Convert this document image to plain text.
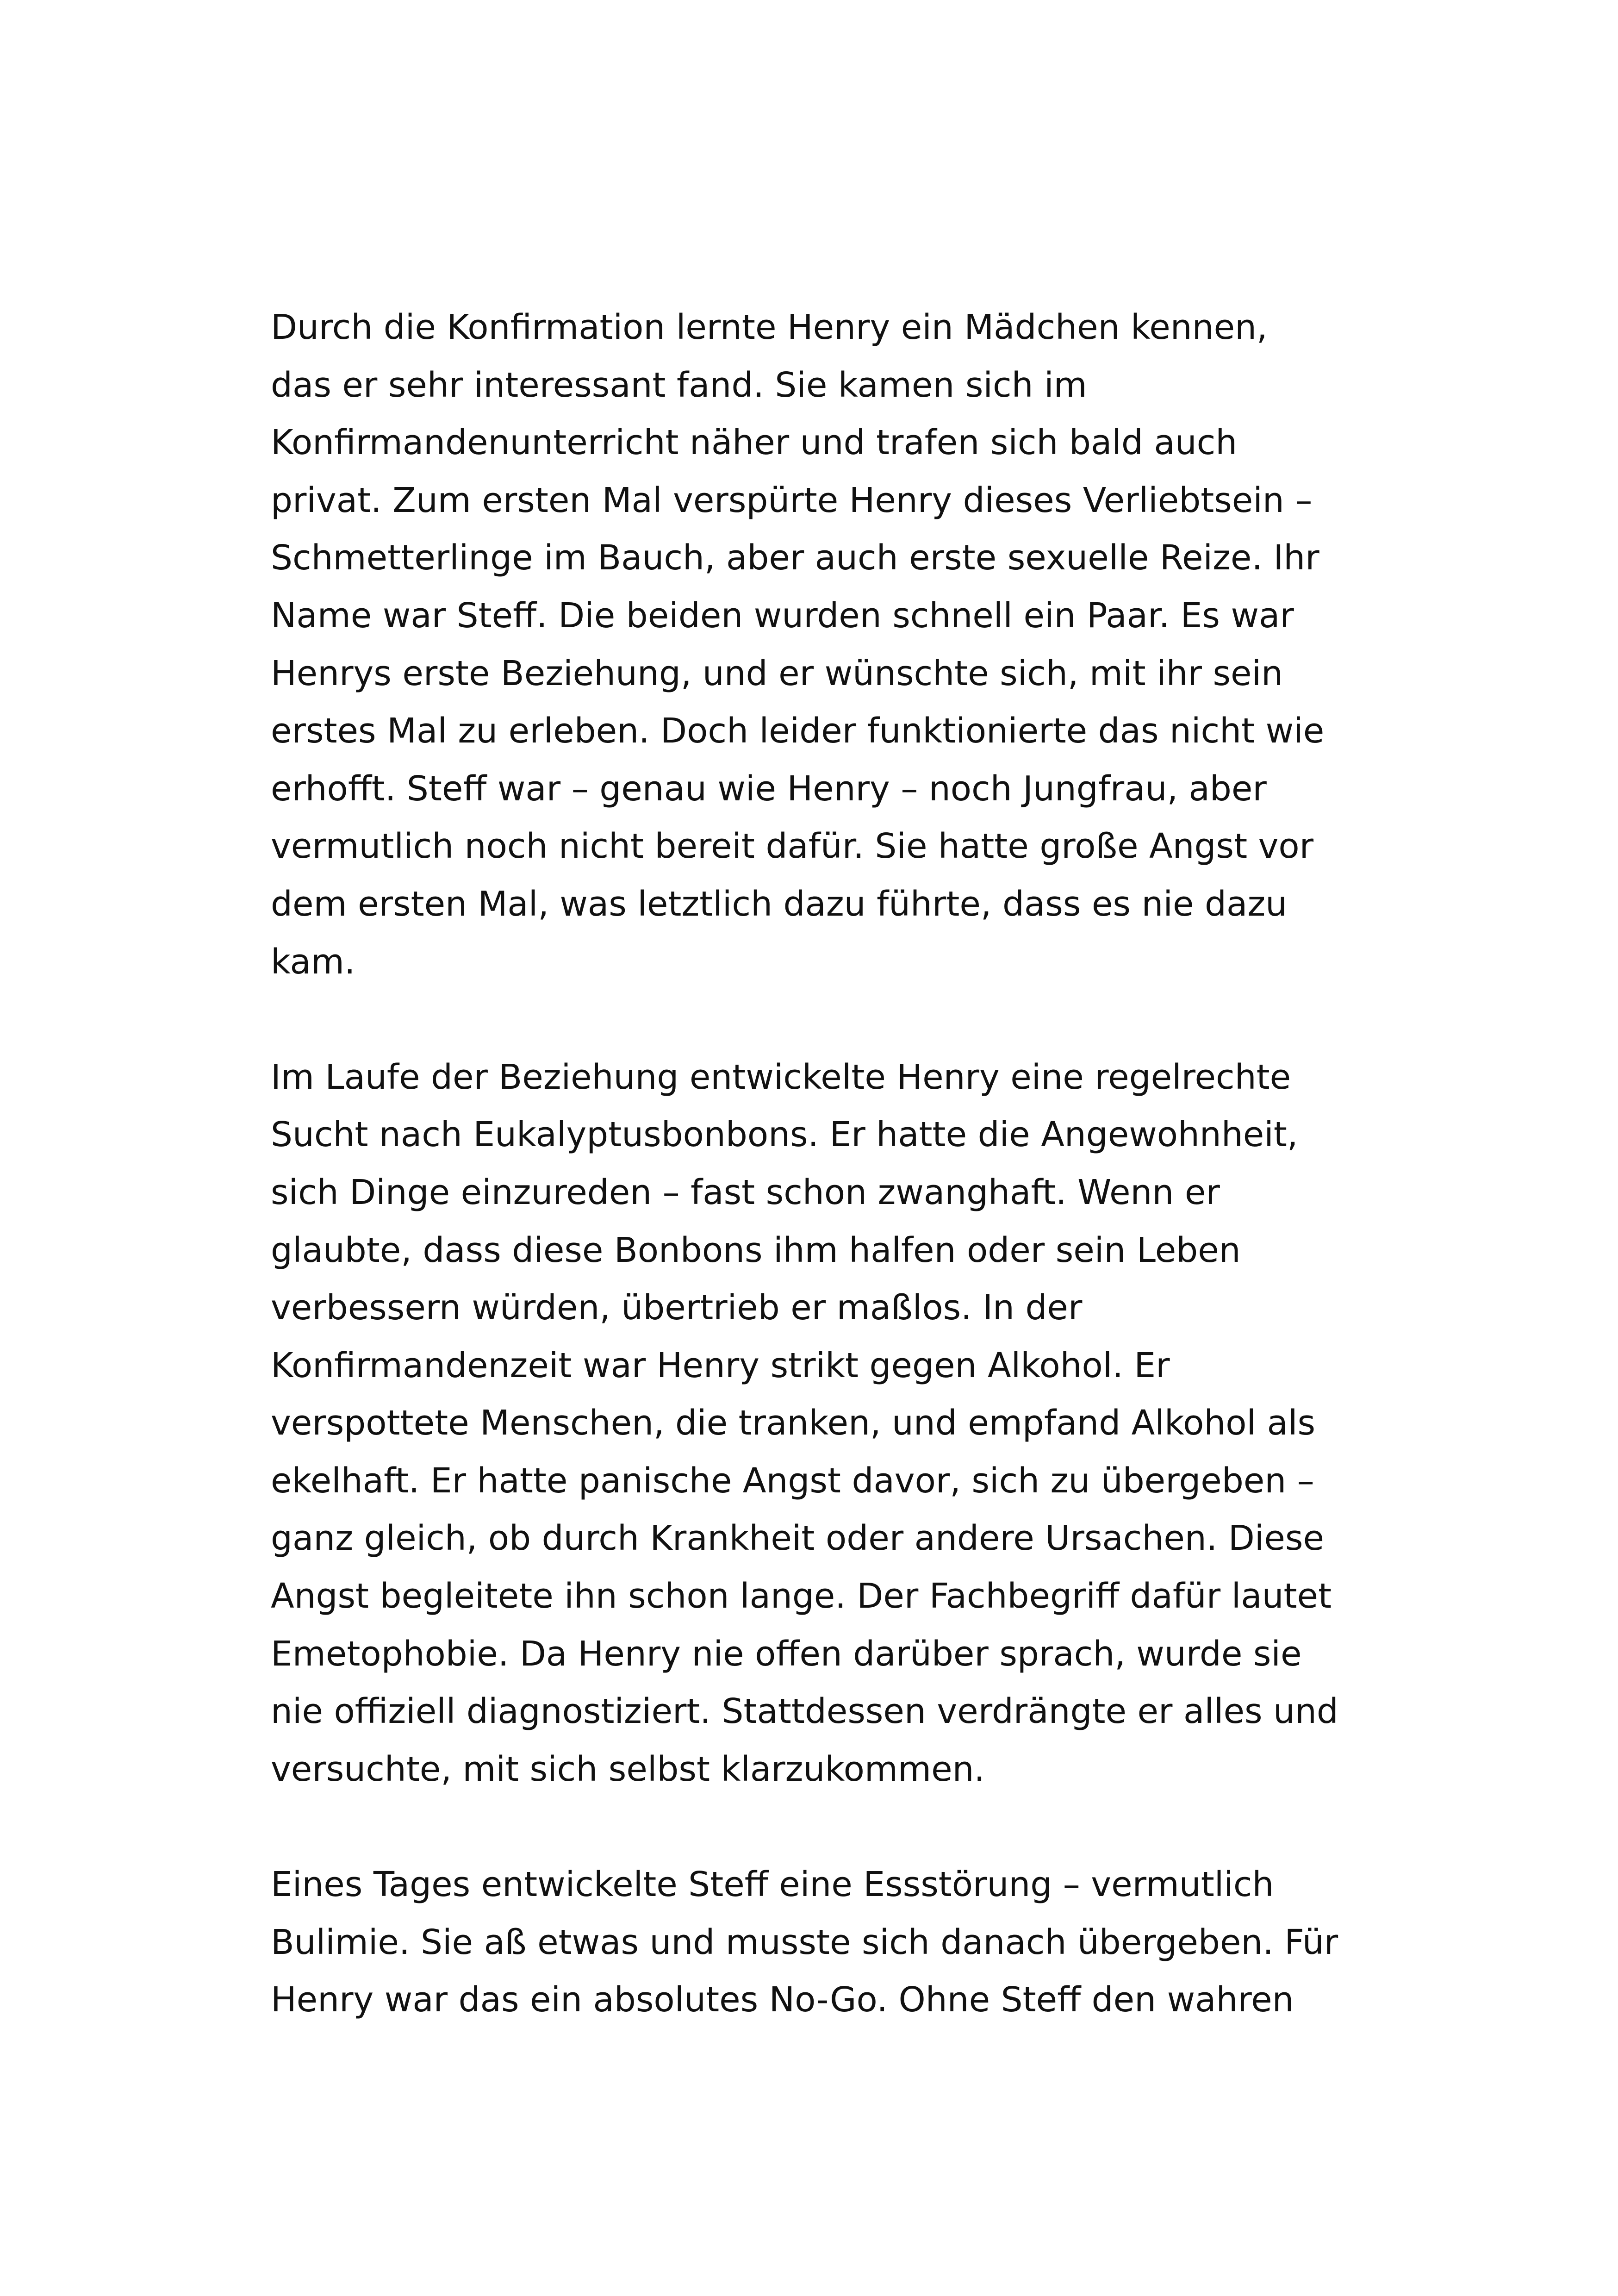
Durch die Konfirmation lernte Henry ein Mädchen kennen,
das er sehr interessant fand. Sie kamen sich im
Konfirmandenunterricht näher und trafen sich bald auch
privat. Zum ersten Mal verspürte Henry dieses Verliebtsein –
Schmetterlinge im Bauch, aber auch erste sexuelle Reize. Ihr
Name war Steff. Die beiden wurden schnell ein Paar. Es war
Henrys erste Beziehung, und er wünschte sich, mit ihr sein
erstes Mal zu erleben. Doch leider funktionierte das nicht wie
erhofft. Steff war – genau wie Henry – noch Jungfrau, aber
vermutlich noch nicht bereit dafür. Sie hatte große Angst vor
dem ersten Mal, was letztlich dazu führte, dass es nie dazu
kam.
Im Laufe der Beziehung entwickelte Henry eine regelrechte
Sucht nach Eukalyptusbonbons. Er hatte die Angewohnheit,
sich Dinge einzureden – fast schon zwanghaft. Wenn er
glaubte, dass diese Bonbons ihm halfen oder sein Leben
verbessern würden, übertrieb er maßlos. In der
Konfirmandenzeit war Henry strikt gegen Alkohol. Er
verspottete Menschen, die tranken, und empfand Alkohol als
ekelhaft. Er hatte panische Angst davor, sich zu übergeben –
ganz gleich, ob durch Krankheit oder andere Ursachen. Diese
Angst begleitete ihn schon lange. Der Fachbegriff dafür lautet
Emetophobie. Da Henry nie offen darüber sprach, wurde sie
nie offiziell diagnostiziert. Stattdessen verdrängte er alles und
versuchte, mit sich selbst klarzukommen.
Eines Tages entwickelte Steff eine Essstörung – vermutlich
Bulimie. Sie aß etwas und musste sich danach übergeben. Für
Henry war das ein absolutes No-Go. Ohne Steff den wahren
